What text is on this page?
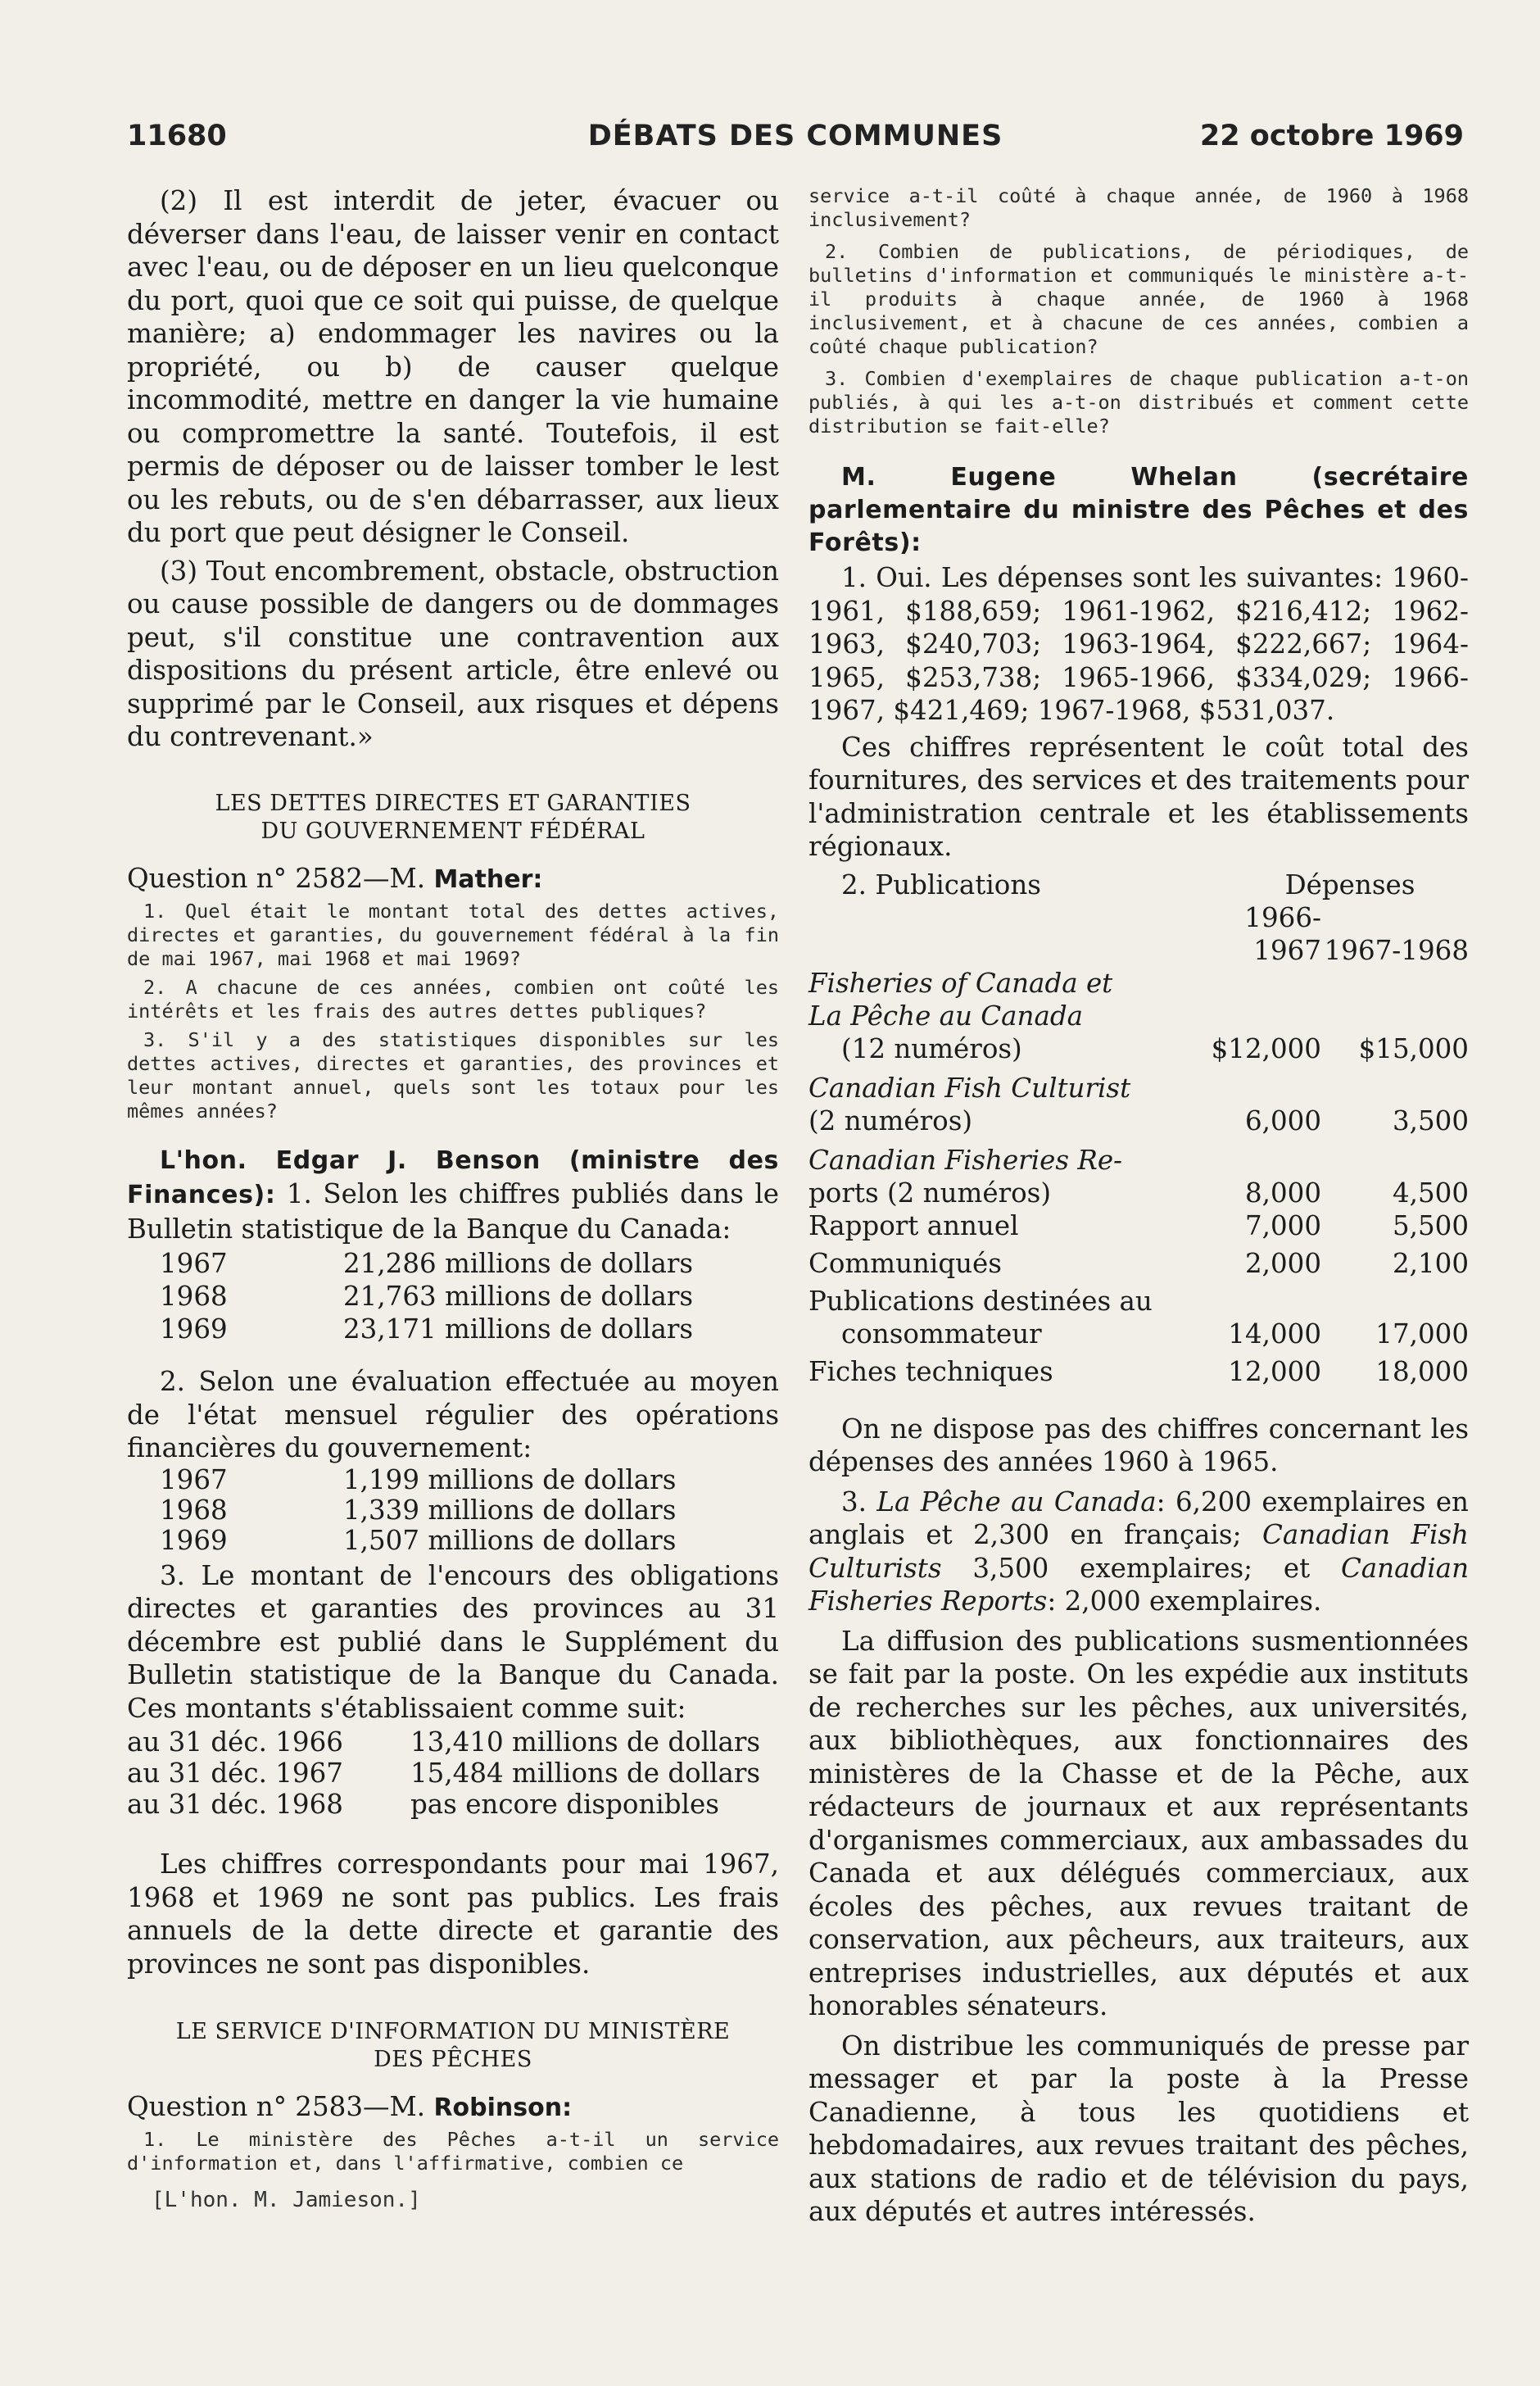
11680	DÉBATS DES COMMUNES	22 octobre 1969

(2) Il est interdit de jeter, évacuer ou déverser dans l'eau, de laisser venir en contact avec l'eau, ou de déposer en un lieu quelconque du port, quoi que ce soit qui puisse, de quelque manière; a) endommager les navires ou la propriété, ou b) de causer quelque incommodité, mettre en danger la vie humaine ou compromettre la santé. Toutefois, il est permis de déposer ou de laisser tomber le lest ou les rebuts, ou de s'en débarrasser, aux lieux du port que peut désigner le Conseil.

(3) Tout encombrement, obstacle, obstruction ou cause possible de dangers ou de dommages peut, s'il constitue une contravention aux dispositions du présent article, être enlevé ou supprimé par le Conseil, aux risques et dépens du contrevenant.»

LES DETTES DIRECTES ET GARANTIES
DU GOUVERNEMENT FÉDÉRAL

Question n° 2582—M. Mather:

1. Quel était le montant total des dettes actives, directes et garanties, du gouvernement fédéral à la fin de mai 1967, mai 1968 et mai 1969?

2. A chacune de ces années, combien ont coûté les intérêts et les frais des autres dettes publiques?

3. S'il y a des statistiques disponibles sur les dettes actives, directes et garanties, des provinces et leur montant annuel, quels sont les totaux pour les mêmes années?

L'hon. Edgar J. Benson (ministre des Finances): 1. Selon les chiffres publiés dans le Bulletin statistique de la Banque du Canada:

1967	21,286 millions de dollars
1968	21,763 millions de dollars
1969	23,171 millions de dollars

2. Selon une évaluation effectuée au moyen de l'état mensuel régulier des opérations financières du gouvernement:

1967	1,199 millions de dollars
1968	1,339 millions de dollars
1969	1,507 millions de dollars

3. Le montant de l'encours des obligations directes et garanties des provinces au 31 décembre est publié dans le Supplément du Bulletin statistique de la Banque du Canada. Ces montants s'établissaient comme suit:

au 31 déc. 1966	13,410 millions de dollars
au 31 déc. 1967	15,484 millions de dollars
au 31 déc. 1968	pas encore disponibles

Les chiffres correspondants pour mai 1967, 1968 et 1969 ne sont pas publics. Les frais annuels de la dette directe et garantie des provinces ne sont pas disponibles.

LE SERVICE D'INFORMATION DU MINISTÈRE
DES PÊCHES

Question n° 2583—M. Robinson:

1. Le ministère des Pêches a-t-il un service d'information et, dans l'affirmative, combien ce

[L'hon. M. Jamieson.]

service a-t-il coûté à chaque année, de 1960 à 1968 inclusivement?

2. Combien de publications, de périodiques, de bulletins d'information et communiqués le ministère a-t-il produits à chaque année, de 1960 à 1968 inclusivement, et à chacune de ces années, combien a coûté chaque publication?

3. Combien d'exemplaires de chaque publication a-t-on publiés, à qui les a-t-on distribués et comment cette distribution se fait-elle?

M. Eugene Whelan (secrétaire parlementaire du ministre des Pêches et des Forêts):

1. Oui. Les dépenses sont les suivantes: 1960-1961, $188,659; 1961-1962, $216,412; 1962-1963, $240,703; 1963-1964, $222,667; 1964-1965, $253,738; 1965-1966, $334,029; 1966-1967, $421,469; 1967-1968, $531,037.

Ces chiffres représentent le coût total des fournitures, des services et des traitements pour l'administration centrale et les établissements régionaux.

2. Publications	Dépenses	
	1966-1967	1967-1968

Fisheries of Canada et
La Pêche au Canada
(12 numéros)	$12,000	$15,000

Canadian Fish Culturist
(2 numéros)	6,000	3,500

Canadian Fisheries Re-
ports (2 numéros)	8,000	4,500

Rapport annuel	7,000	5,500

Communiqués	2,000	2,100

Publications destinées au
consommateur	14,000	17,000

Fiches techniques	12,000	18,000

On ne dispose pas des chiffres concernant les dépenses des années 1960 à 1965.

3. La Pêche au Canada: 6,200 exemplaires en anglais et 2,300 en français; Canadian Fish Culturists 3,500 exemplaires; et Canadian Fisheries Reports: 2,000 exemplaires.

La diffusion des publications susmentionnées se fait par la poste. On les expédie aux instituts de recherches sur les pêches, aux universités, aux bibliothèques, aux fonctionnaires des ministères de la Chasse et de la Pêche, aux rédacteurs de journaux et aux représentants d'organismes commerciaux, aux ambassades du Canada et aux délégués commerciaux, aux écoles des pêches, aux revues traitant de conservation, aux pêcheurs, aux traiteurs, aux entreprises industrielles, aux députés et aux honorables sénateurs.

On distribue les communiqués de presse par messager et par la poste à la Presse Canadienne, à tous les quotidiens et hebdomadaires, aux revues traitant des pêches, aux stations de radio et de télévision du pays, aux députés et autres intéressés.
